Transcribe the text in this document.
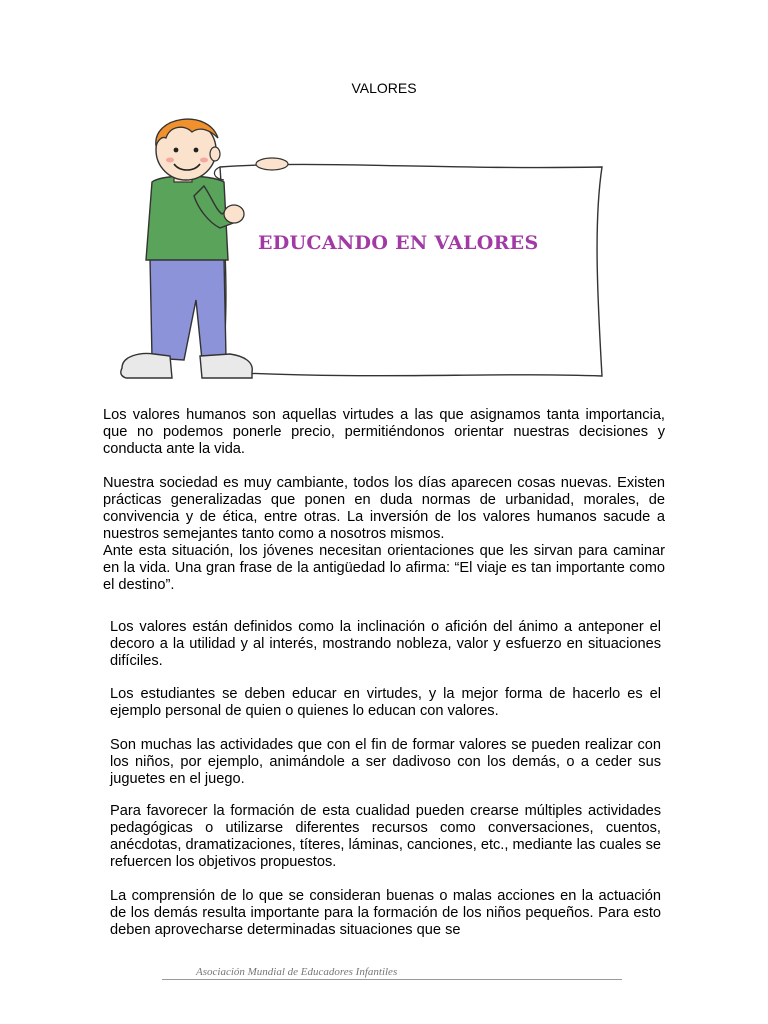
VALORES
EDUCANDO EN VALORES

Los valores humanos son aquellas virtudes a las que asignamos tanta importancia, que no podemos ponerle precio, permitiéndonos orientar nuestras decisiones y conducta ante la vida.

Nuestra sociedad es muy cambiante, todos los días aparecen cosas nuevas. Existen prácticas generalizadas que ponen en duda normas de urbanidad, morales, de convivencia y de ética, entre otras. La inversión de los valores humanos sacude a nuestros semejantes tanto como a nosotros mismos.

Ante esta situación, los jóvenes necesitan orientaciones que les sirvan para caminar en la vida. Una gran frase de la antigüedad lo afirma: “El viaje es tan importante como el destino”.

Los valores están definidos como la inclinación o afición del ánimo a anteponer el decoro a la utilidad y al interés, mostrando nobleza, valor y esfuerzo en situaciones difíciles.

Los estudiantes se deben educar en virtudes, y la mejor forma de hacerlo es el ejemplo personal de quien o quienes lo educan con valores.

Son muchas las actividades que con el fin de formar valores se pueden realizar con los niños, por ejemplo, animándole a ser dadivoso con los demás, o a ceder sus juguetes en el juego.

Para favorecer la formación de esta cualidad pueden crearse múltiples actividades pedagógicas o utilizarse diferentes recursos como conversaciones, cuentos, anécdotas, dramatizaciones, títeres, láminas, canciones, etc., mediante las cuales se refuercen los objetivos propuestos.

La comprensión de lo que se consideran buenas o malas acciones en la actuación de los demás resulta importante para la formación de los niños pequeños. Para esto deben aprovecharse determinadas situaciones que se

Asociación Mundial de Educadores Infantiles
